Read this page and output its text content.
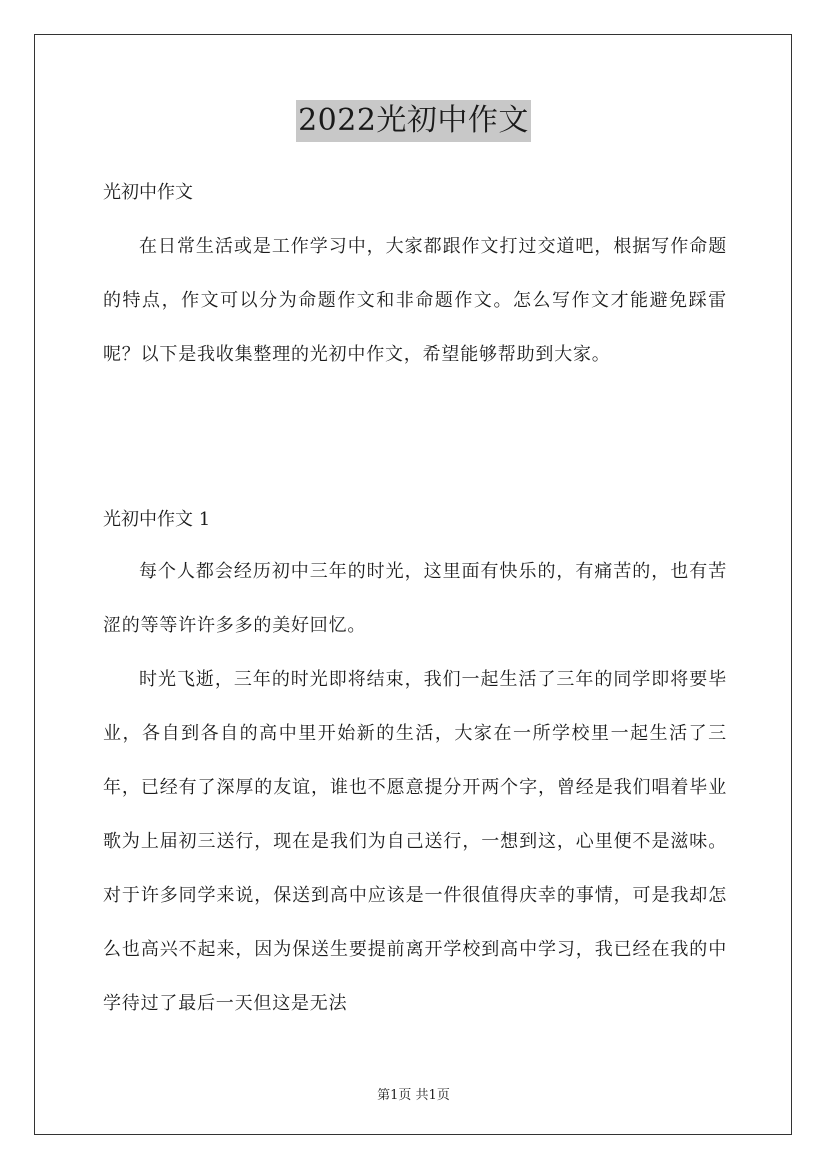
2022光初中作文
光初中作文
在日常生活或是工作学习中，大家都跟作文打过交道吧，根据写作命题的特点，作文可以分为命题作文和非命题作文。怎么写作文才能避免踩雷呢？以下是我收集整理的光初中作文，希望能够帮助到大家。
光初中作文 1
每个人都会经历初中三年的时光，这里面有快乐的，有痛苦的，也有苦涩的等等许许多多的美好回忆。
时光飞逝，三年的时光即将结束，我们一起生活了三年的同学即将要毕业，各自到各自的高中里开始新的生活，大家在一所学校里一起生活了三年，已经有了深厚的友谊，谁也不愿意提分开两个字，曾经是我们唱着毕业歌为上届初三送行，现在是我们为自己送行，一想到这，心里便不是滋味。对于许多同学来说，保送到高中应该是一件很值得庆幸的事情，可是我却怎么也高兴不起来，因为保送生要提前离开学校到高中学习，我已经在我的中学待过了最后一天但这是无法
第1页 共1页
